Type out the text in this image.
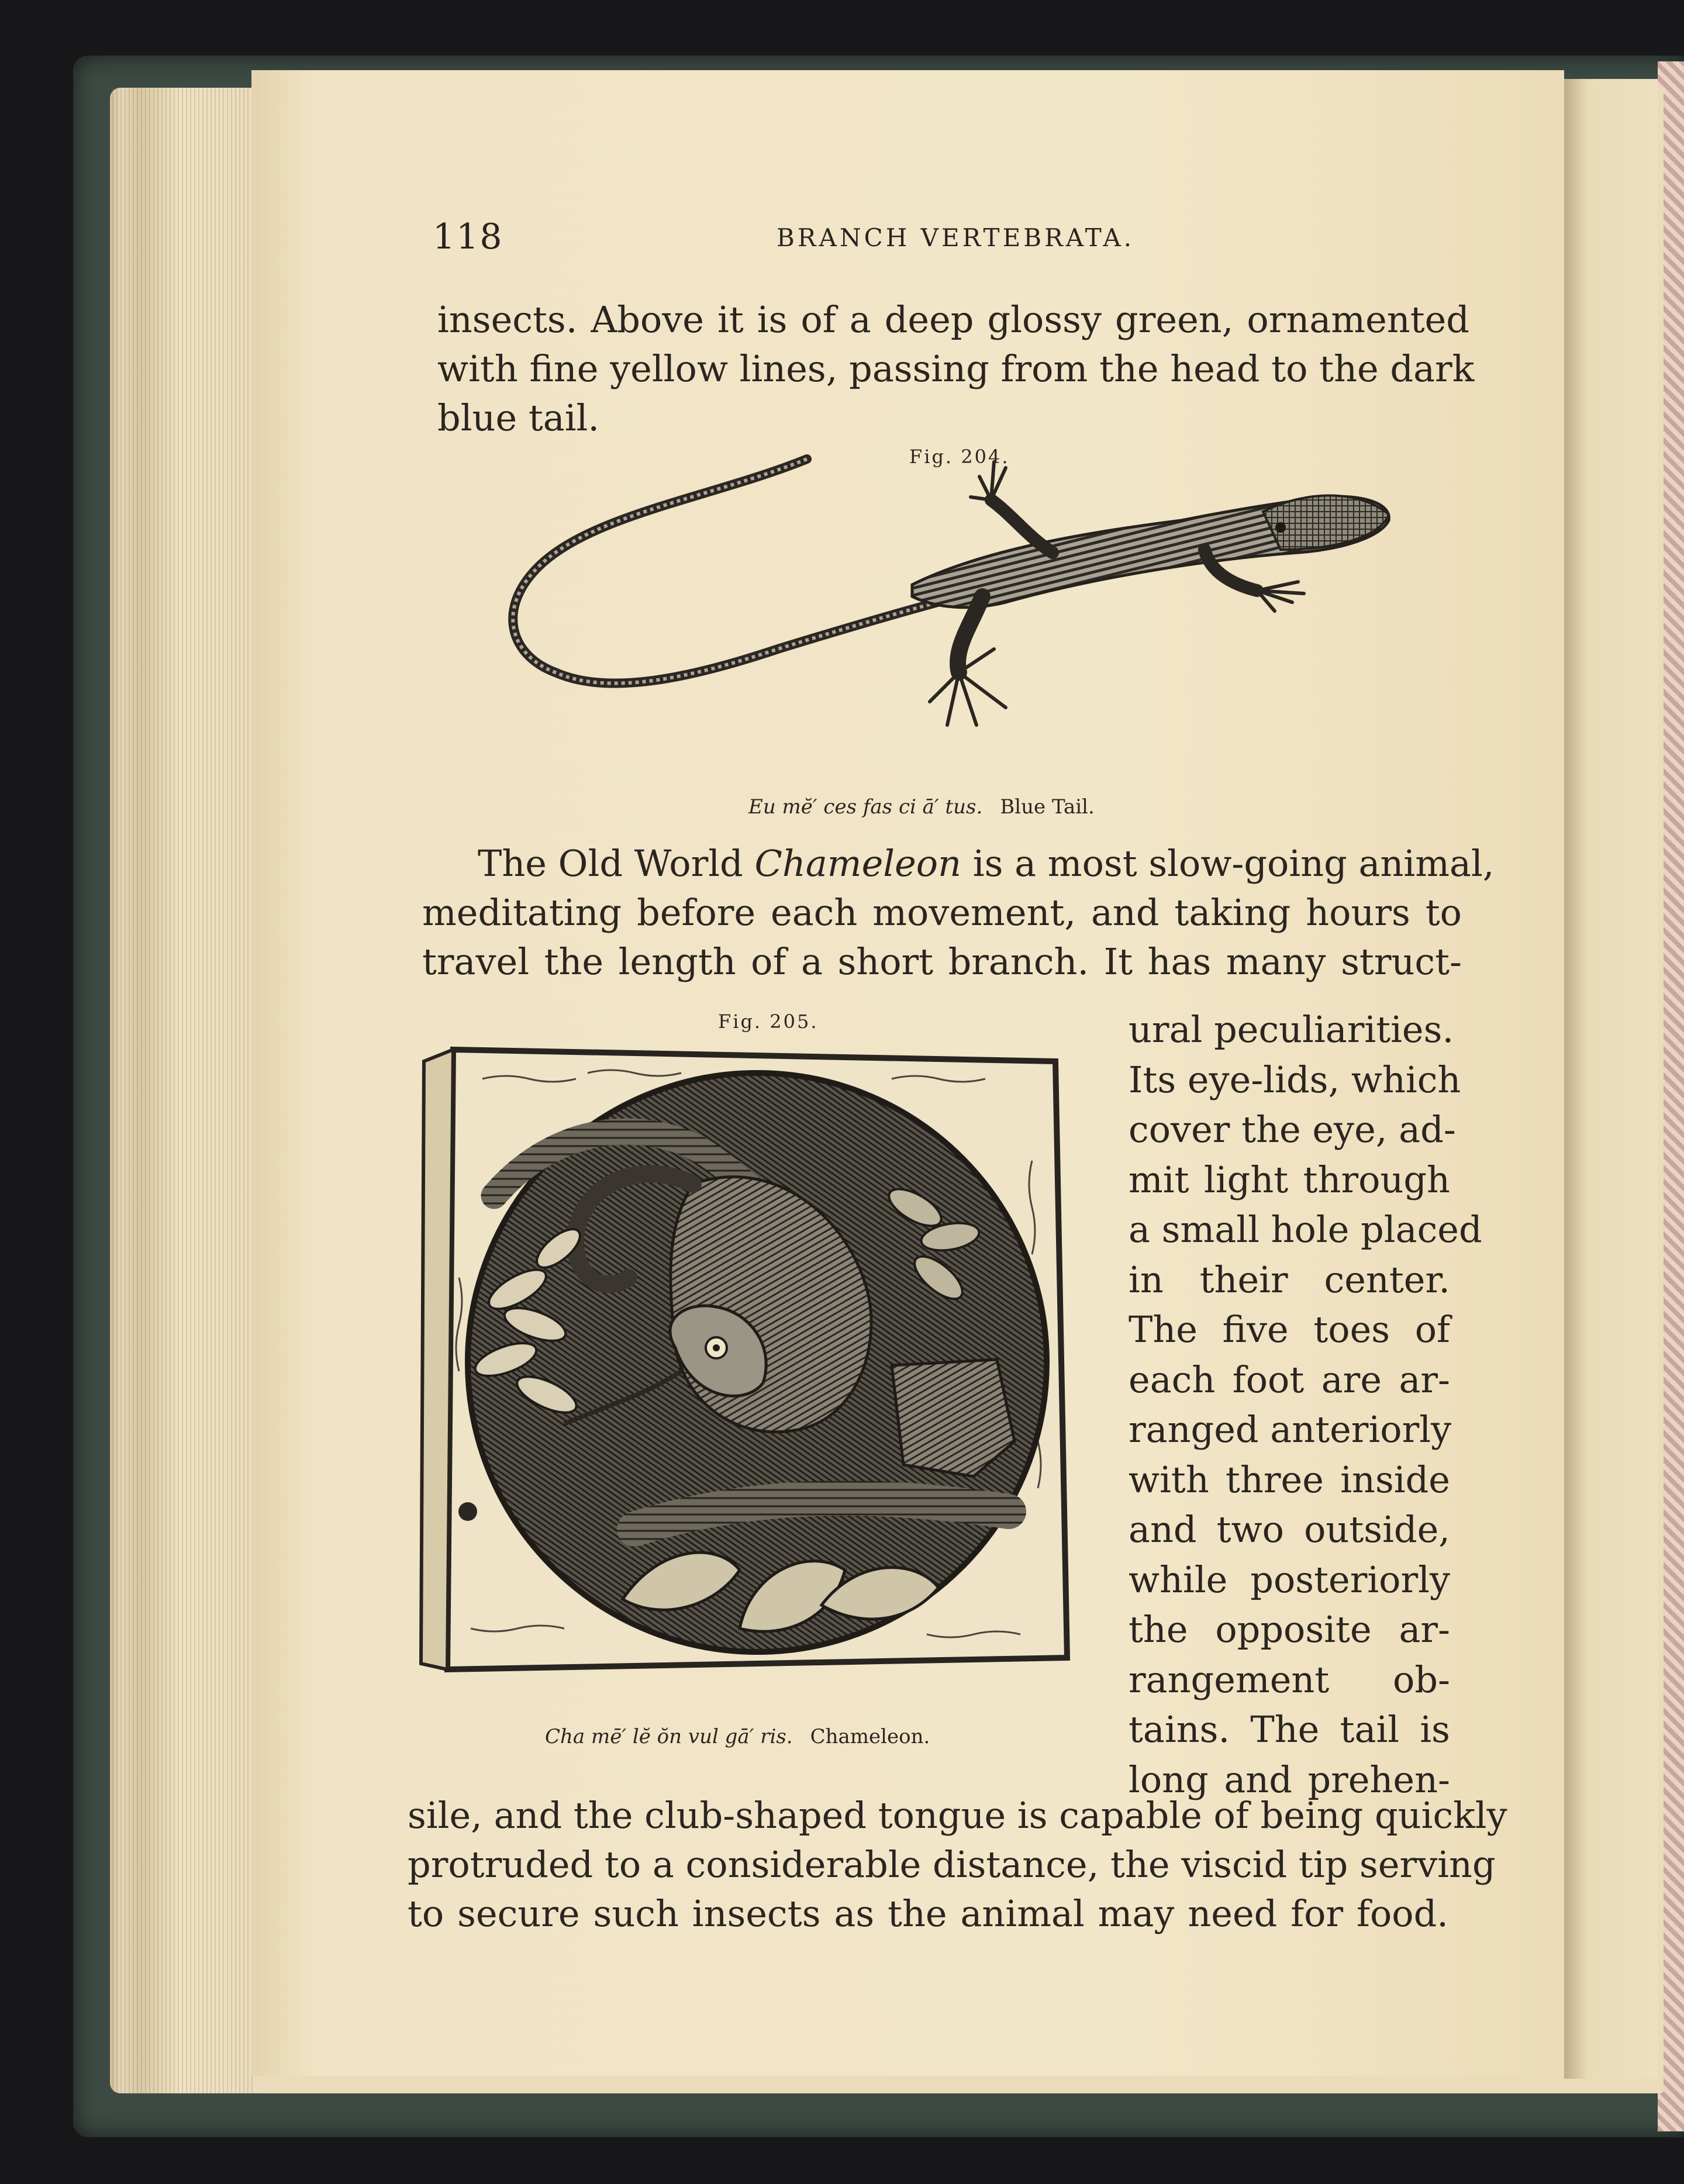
118	BRANCH VERTEBRATA.
insects. Above it is of a deep glossy green, ornamented
with fine yellow lines, passing from the head to the dark
blue tail.
Fig. 204.
Eu mĕ′ ces fas ci ā′ tus. Blue Tail.
The Old World Chameleon is a most slow-going animal,
meditating before each movement, and taking hours to
travel the length of a short branch. It has many struct-
Fig. 205.
Cha mē′ lĕ ŏn vul gā′ ris. Chameleon.
ural peculiarities.
Its eye-lids, which
cover the eye, ad-
mit light through
a small hole placed
in their center.
The five toes of
each foot are ar-
ranged anteriorly
with three inside
and two outside,
while posteriorly
the opposite ar-
rangement ob-
tains. The tail is
long and prehen-
sile, and the club-shaped tongue is capable of being quickly
protruded to a considerable distance, the viscid tip serving
to secure such insects as the animal may need for food.
